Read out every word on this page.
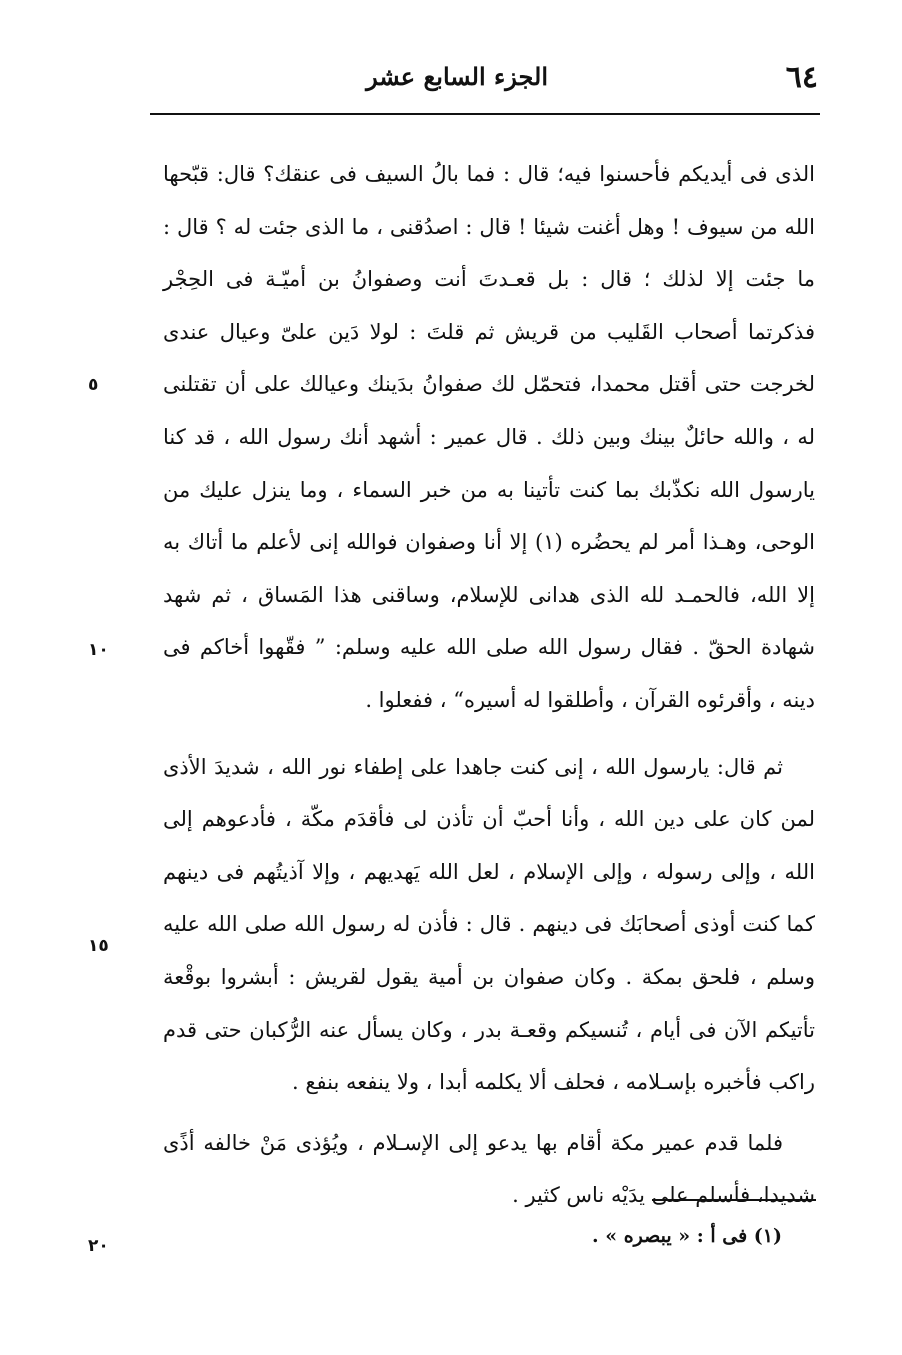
٦٤
الجزء السابع عشر

الذى فى أيديكم فأحسنوا فيه؛ قال : فما بالُ السيف فى عنقك؟ قال: قبّحها الله من سيوف ! وهل أغنت شيئا ! قال : اصدُقنى ، ما الذى جئت له ؟ قال : ما جئت إلا لذلك ؛ قال : بل قعـدتَ أنت وصفوانُ بن أميّـة فى الحِجْر فذكرتما أصحاب القَليب من قريش ثم قلتَ : لولا دَين علىّ وعيال عندى لخرجت حتى أقتل محمدا، فتحمّل لك صفوانُ بدَينك وعيالك على أن تقتلنى له ، والله حائلٌ بينك وبين ذلك . قال عمير : أشهد أنك رسول الله ، قد كنا يارسول الله نكذّبك بما كنت تأتينا به من خبر السماء ، وما ينزل عليك من الوحى، وهـذا أمر لم يحضُره (١) إلا أنا وصفوان فوالله إنى لأعلم ما أتاك به إلا الله، فالحمـد لله الذى هدانى للإسلام، وساقنى هذا المَساق ، ثم شهد شهادة الحقّ . فقال رسول الله صلى الله عليه وسلم: ” فقّهوا أخاكم فى دينه ، وأقرئوه القرآن ، وأطلقوا له أسيره“ ، ففعلوا .

ثم قال: يارسول الله ، إنى كنت جاهدا على إطفاء نور الله ، شديدَ الأذى لمن كان على دين الله ، وأنا أحبّ أن تأذن لى فأقدَم مكّة ، فأدعوهم إلى الله ، وإلى رسوله ، وإلى الإسلام ، لعل الله يَهديهم ، وإلا آذيتُهم فى دينهم كما كنت أوذى أصحابَك فى دينهم . قال : فأذن له رسول الله صلى الله عليه وسلم ، فلحق بمكة . وكان صفوان بن أمية يقول لقريش : أبشروا بوقْعة تأتيكم الآن فى أيام ، تُنسيكم وقعـة بدر ، وكان يسأل عنه الرُّكبان حتى قدم راكب فأخبره بإسـلامه ، فحلف ألا يكلمه أبدا ، ولا ينفعه بنفع .

فلما قدم عمير مكة أقام بها يدعو إلى الإسـلام ، ويُؤذى مَنْ خالفه أذًى شديدا، فأسلم على يدَيْه ناس كثير .

٥
١٠
١٥
٢٠	(١) فى أ : « يبصره » .
